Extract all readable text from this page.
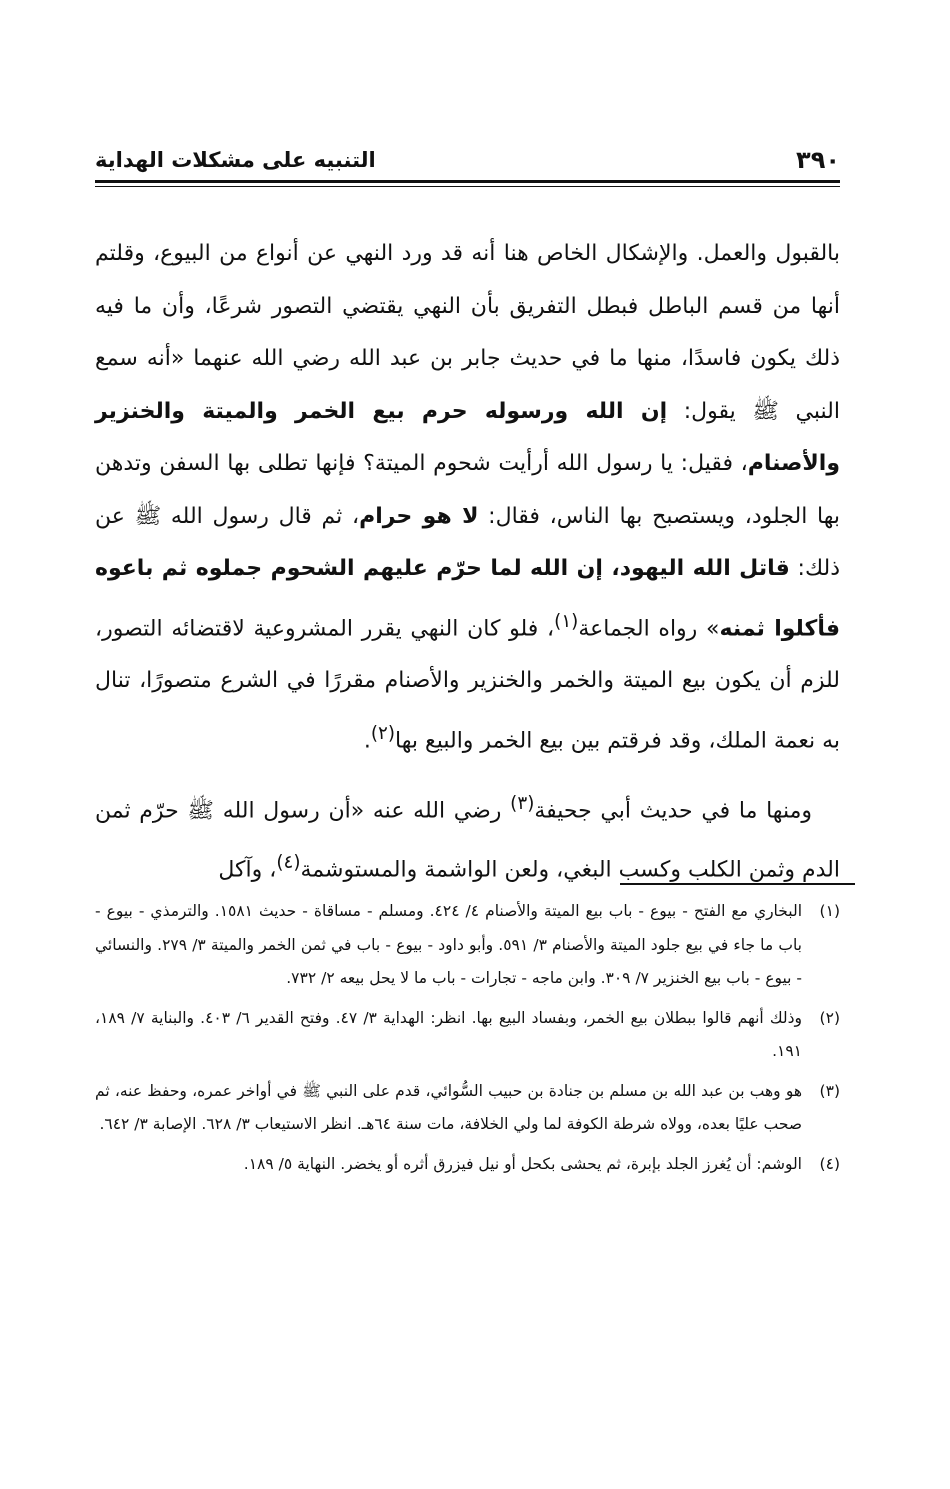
٣٩٠
التنبيه على مشكلات الهداية

بالقبول والعمل. والإشكال الخاص هنا أنه قد ورد النهي عن أنواع من البيوع، وقلتم أنها من قسم الباطل فبطل التفريق بأن النهي يقتضي التصور شرعًا، وأن ما فيه ذلك يكون فاسدًا، منها ما في حديث جابر بن عبد الله رضي الله عنهما «أنه سمع النبي ﷺ يقول: إن الله ورسوله حرم بيع الخمر والميتة والخنزير والأصنام، فقيل: يا رسول الله أرأيت شحوم الميتة؟ فإنها تطلى بها السفن وتدهن بها الجلود، ويستصبح بها الناس، فقال: لا هو حرام، ثم قال رسول الله ﷺ عن ذلك: قاتل الله اليهود، إن الله لما حرّم عليهم الشحوم جملوه ثم باعوه فأكلوا ثمنه» رواه الجماعة$^{(١)}$، فلو كان النهي يقرر المشروعية لاقتضائه التصور، للزم أن يكون بيع الميتة والخمر والخنزير والأصنام مقررًا في الشرع متصورًا، تنال به نعمة الملك، وقد فرقتم بين بيع الخمر والبيع بها$^{(٢)}$.

ومنها ما في حديث أبي جحيفة$^{(٣)}$ رضي الله عنه «أن رسول الله ﷺ حرّم ثمن الدم وثمن الكلب وكسب البغي، ولعن الواشمة والمستوشمة$^{(٤)}$، وآكل

(١)
البخاري مع الفتح - بيوع - باب بيع الميتة والأصنام ٤/ ٤٢٤. ومسلم - مساقاة - حديث ١٥٨١. والترمذي - بيوع - باب ما جاء في بيع جلود الميتة والأصنام ٣/ ٥٩١. وأبو داود - بيوع - باب في ثمن الخمر والميتة ٣/ ٢٧٩. والنسائي - بيوع - باب بيع الخنزير ٧/ ٣٠٩. وابن ماجه - تجارات - باب ما لا يحل بيعه ٢/ ٧٣٢.
(٢)
وذلك أنهم قالوا ببطلان بيع الخمر، وبفساد البيع بها. انظر: الهداية ٣/ ٤٧. وفتح القدير ٦/ ٤٠٣. والبناية ٧/ ١٨٩، ١٩١.
(٣)
هو وهب بن عبد الله بن مسلم بن جنادة بن حبيب السُّوائي، قدم على النبي ﷺ في أواخر عمره، وحفظ عنه، ثم صحب عليًا بعده، وولاه شرطة الكوفة لما ولي الخلافة، مات سنة ٦٤هـ. انظر الاستيعاب ٣/ ٦٢٨. الإصابة ٣/ ٦٤٢.
(٤)
الوشم: أن يُغرز الجلد بإبرة، ثم يحشى بكحل أو نيل فيزرق أثره أو يخضر. النهاية ٥/ ١٨٩.
